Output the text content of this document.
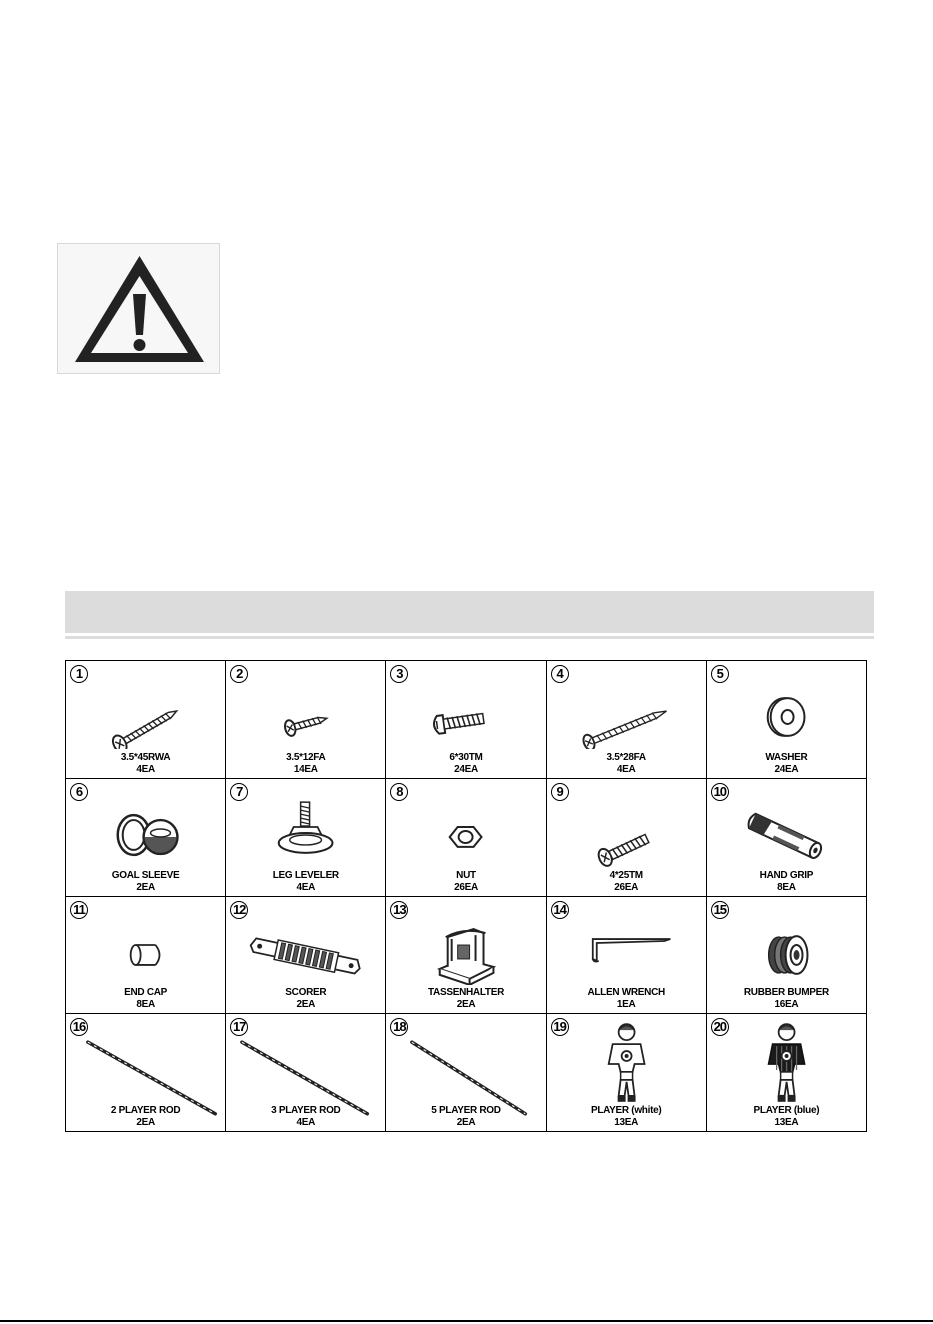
1
3.5*45RWA
4EA
2
3.5*12FA
14EA
3
6*30TM
24EA
4
3.5*28FA
4EA
5
WASHER
24EA
6
GOAL SLEEVE
2EA
7
LEG LEVELER
4EA
8
NUT
26EA
9
4*25TM
26EA
10
HAND GRIP
8EA
11
END CAP
8EA
12
SCORER
2EA
13
TASSENHALTER
2EA
14
ALLEN WRENCH
1EA
15
RUBBER BUMPER
16EA
16
2 PLAYER ROD
2EA
17
3 PLAYER ROD
4EA
18
5 PLAYER ROD
2EA
19
PLAYER (white)
13EA
20
PLAYER (blue)
13EA
